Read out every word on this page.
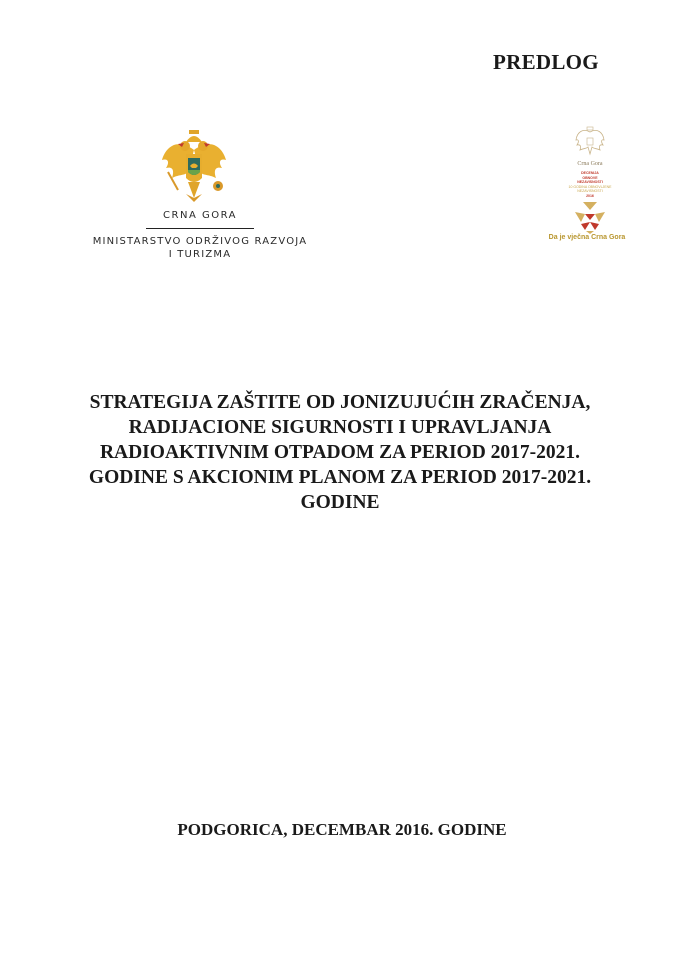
PREDLOG
CRNA GORA
MINISTARSTVO ODRŽIVOG RAZVOJA
I TURIZMA
Crna Gora
DECENIJA
OBNOVE
NEZAVISNOSTI
10 GODINA OBNOVLJENE
NEZAVISNOSTI
2016
Da je vječna Crna Gora
STRATEGIJA ZAŠTITE OD JONIZUJUĆIH ZRAČENJA,
RADIJACIONE SIGURNOSTI I UPRAVLJANJA
RADIOAKTIVNIM OTPADOM ZA PERIOD 2017-2021.
GODINE S AKCIONIM PLANOM ZA PERIOD 2017-2021.
GODINE
PODGORICA, DECEMBAR 2016. GODINE
